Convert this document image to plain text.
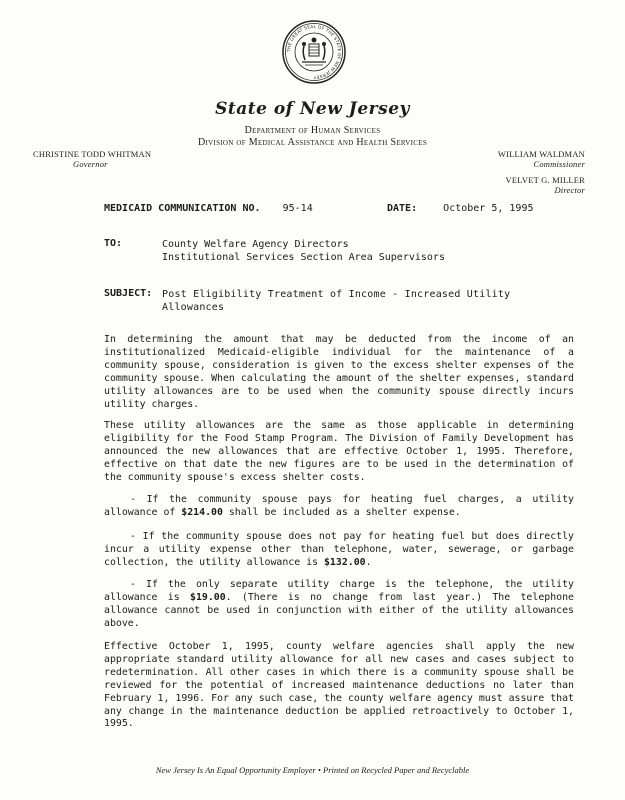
THE GREAT SEAL OF THE STATE OF NEW JERSEY
State of New Jersey
Department of Human Services
Division of Medical Assistance and Health Services
CHRISTINE TODD WHITMAN
Governor
WILLIAM WALDMAN
Commissioner
VELVET G. MILLER
Director
MEDICAID COMMUNICATION NO. 95-14	DATE:	October 5, 1995
TO:	County Welfare Agency Directors
Institutional Services Section Area Supervisors
SUBJECT: Post Eligibility Treatment of Income - Increased Utility Allowances
In determining the amount that may be deducted from the income of an institutionalized Medicaid-eligible individual for the maintenance of a community spouse, consideration is given to the excess shelter expenses of the community spouse. When calculating the amount of the shelter expenses, standard utility allowances are to be used when the community spouse directly incurs utility charges.
These utility allowances are the same as those applicable in determining eligibility for the Food Stamp Program. The Division of Family Development has announced the new allowances that are effective October 1, 1995. Therefore, effective on that date the new figures are to be used in the determination of the community spouse's excess shelter costs.
- If the community spouse pays for heating fuel charges, a utility allowance of $214.00 shall be included as a shelter expense.
- If the community spouse does not pay for heating fuel but does directly incur a utility expense other than telephone, water, sewerage, or garbage collection, the utility allowance is $132.00.
- If the only separate utility charge is the telephone, the utility allowance is $19.00. (There is no change from last year.) The telephone allowance cannot be used in conjunction with either of the utility allowances above.
Effective October 1, 1995, county welfare agencies shall apply the new appropriate standard utility allowance for all new cases and cases subject to redetermination. All other cases in which there is a community spouse shall be reviewed for the potential of increased maintenance deductions no later than February 1, 1996. For any such case, the county welfare agency must assure that any change in the maintenance deduction be applied retroactively to October 1, 1995.
New Jersey Is An Equal Opportunity Employer • Printed on Recycled Paper and Recyclable
